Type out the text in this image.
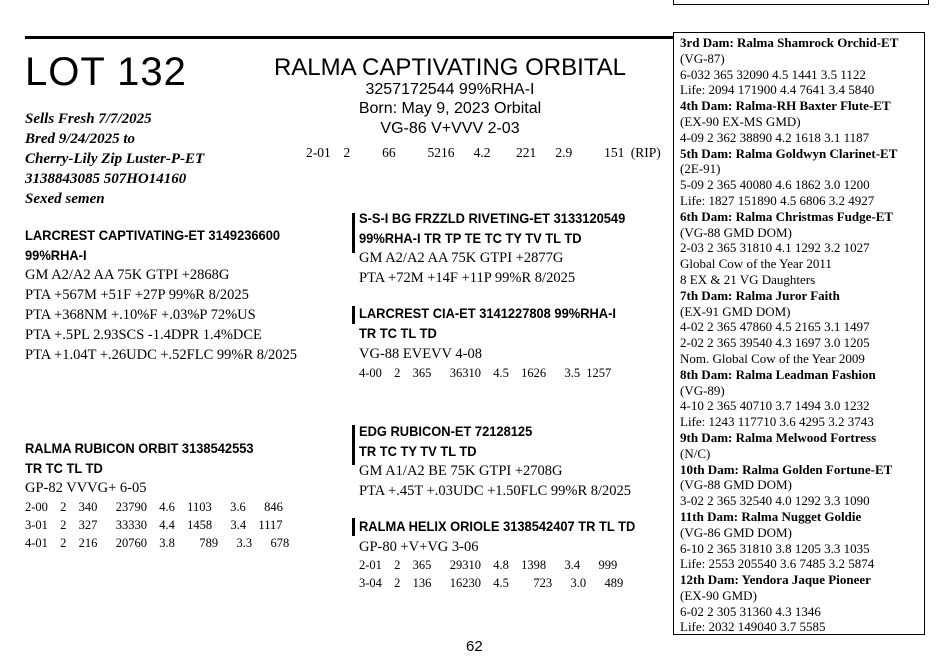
LOT 132	RALMA CAPTIVATING ORBITAL
3257172544 99%RHA-I
Born: May 9, 2023 Orbital
VG-86 V+VVV 2-03
2-01  2     66     5216   4.2    221   2.9     151 (RIP)
Sells Fresh 7/7/2025
Bred 9/24/2025 to
Cherry-Lily Zip Luster-P-ET
3138843085 507HO14160
Sexed semen
LARCREST CAPTIVATING-ET 3149236600
99%RHA-I
GM A2/A2 AA 75K GTPI +2868G
PTA +567M +51F +27P 99%R 8/2025
PTA +368NM +.10%F +.03%P 72%US
PTA +.5PL 2.93SCS -1.4DPR 1.4%DCE
PTA +1.04T +.26UDC +.52FLC 99%R 8/2025
S-S-I BG FRZZLD RIVETING-ET 3133120549
99%RHA-I TR TP TE TC TY TV TL TD
GM A2/A2 AA 75K GTPI +2877G
PTA +72M +14F +11P 99%R 8/2025
LARCREST CIA-ET 3141227808 99%RHA-I
TR TC TL TD
VG-88 EVEVV 4-08
4-00  2  365   36310  4.5  1626   3.5 1257
RALMA RUBICON ORBIT 3138542553
TR TC TL TD
GP-82 VVVG+ 6-05
2-00  2  340   23790  4.6  1103   3.6   846
3-01  2  327   33330  4.4  1458   3.4  1117
4-01  2  216   20760  3.8    789   3.3   678
EDG RUBICON-ET 72128125
TR TC TY TV TL TD
GM A1/A2 BE 75K GTPI +2708G
PTA +.45T +.03UDC +1.50FLC 99%R 8/2025
RALMA HELIX ORIOLE 3138542407 TR TL TD
GP-80 +V+VG 3-06
2-01  2  365   29310  4.8  1398   3.4   999
3-04  2  136   16230  4.5    723   3.0   489
3rd Dam: Ralma Shamrock Orchid-ET
(VG-87)
6-032 365 32090 4.5 1441 3.5 1122
Life: 2094 171900 4.4 7641 3.4 5840
4th Dam: Ralma-RH Baxter Flute-ET
(EX-90 EX-MS GMD)
4-09 2 362 38890 4.2 1618 3.1 1187
5th Dam: Ralma Goldwyn Clarinet-ET
(2E-91)
5-09 2 365 40080 4.6 1862 3.0 1200
Life: 1827 151890 4.5 6806 3.2 4927
6th Dam: Ralma Christmas Fudge-ET
(VG-88 GMD DOM)
2-03 2 365 31810 4.1 1292 3.2 1027
Global Cow of the Year 2011
8 EX & 21 VG Daughters
7th Dam: Ralma Juror Faith
(EX-91 GMD DOM)
4-02 2 365 47860 4.5 2165 3.1 1497
2-02 2 365 39540 4.3 1697 3.0 1205
Nom. Global Cow of the Year 2009
8th Dam: Ralma Leadman Fashion
(VG-89)
4-10 2 365 40710 3.7 1494 3.0 1232
Life: 1243 117710 3.6 4295 3.2 3743
9th Dam: Ralma Melwood Fortress
(N/C)
10th Dam: Ralma Golden Fortune-ET
(VG-88 GMD DOM)
3-02 2 365 32540 4.0 1292 3.3 1090
11th Dam: Ralma Nugget Goldie
(VG-86 GMD DOM)
6-10 2 365 31810 3.8 1205 3.3 1035
Life: 2553 205540 3.6 7485 3.2 5874
12th Dam: Yendora Jaque Pioneer
(EX-90 GMD)
6-02 2 305 31360 4.3 1346
Life: 2032 149040 3.7 5585
62
